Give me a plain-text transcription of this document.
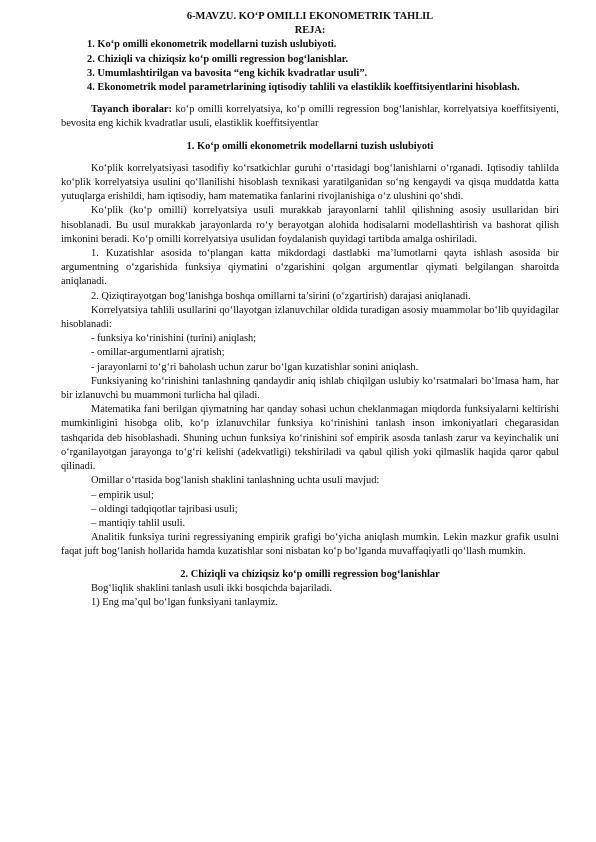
6-MAVZU. KO‘P OMILLI EKONOMETRIK TAHLIL
REJA:
1. Ko‘p omilli ekonometrik modellarni tuzish uslubiyoti.
2. Chiziqli va chiziqsiz ko‘p omilli regression bog‘lanishlar.
3. Umumlashtirilgan va bavosita “eng kichik kvadratlar usuli”.
4. Ekonometrik model parametrlarining iqtisodiy tahlili va elastiklik koeffitsiyentlarini hisoblash.
Tayanch iboralar: ko‘p omilli korrelyatsiya, ko‘p omilli regression bog‘lanishlar, korrelyatsiya koeffitsiyenti, bevosita eng kichik kvadratlar usuli, elastiklik koeffitsiyentlar
1. Ko‘p omilli ekonometrik modellarni tuzish uslubiyoti
Ko‘plik korrelyatsiyasi tasodifiy ko‘rsatkichlar guruhi o‘rtasidagi bog‘lanishlarni o‘rganadi. Iqtisodiy tahlilda ko‘plik korrelyatsiya usulini qo‘llanilishi hisoblash texnikasi yaratilganidan so‘ng kengaydi va qisqa muddatda katta yutuqlarga erishildi, ham iqtisodiy, ham matematika fanlarini rivojlanishiga o‘z ulushini qo‘shdi.
Ko‘plik (ko‘p omilli) korrelyatsiya usuli murakkab jarayonlarni tahlil qilishning asosiy usullaridan biri hisoblanadi. Bu usul murakkab jarayonlarda ro‘y berayotgan alohida hodisalarni modellashtirish va bashorat qilish imkonini beradi. Ko‘p omilli korrelyatsiya usulidan foydalanish quyidagi tartibda amalga oshiriladi.
1. Kuzatishlar asosida to‘plangan katta mikdordagi dastlabki ma’lumotlarni qayta ishlash asosida bir argumentning o‘zgarishida funksiya qiymatini o‘zgarishini qolgan argumentlar qiymati belgilangan sharoitda aniqlanadi.
2. Qiziqtirayotgan bog‘lanishga boshqa omillarni ta’sirini (o‘zgartirish) darajasi aniqlanadi.
Korrelyatsiya tahlili usullarini qo‘llayotgan izlanuvchilar oldida turadigan asosiy muammolar bo‘lib quyidagilar hisoblanadi:
- funksiya ko‘rinishini (turini) aniqlash;
- omillar-argumentlarni ajratish;
- jarayonlarni to‘g‘ri baholash uchun zarur bo‘lgan kuzatishlar sonini aniqlash.
Funksiyaning ko‘rinishini tanlashning qandaydir aniq ishlab chiqilgan uslubiy ko‘rsatmalari bo‘lmasa ham, har bir izlanuvchi bu muammoni turlicha hal qiladi.
Matematika fani berilgan qiymatning har qanday sohasi uchun cheklanmagan miqdorda funksiyalarni keltirishi mumkinligini hisobga olib, ko‘p izlanuvchilar funksiya ko‘rinishini tanlash inson imkoniyatlari chegarasidan tashqarida deb hisoblashadi. Shuning uchun funksiya ko‘rinishini sof empirik asosda tanlash zarur va keyinchalik uni o‘rganilayotgan jarayonga to‘g‘ri kelishi (adekvatligi) tekshiriladi va qabul qilish yoki qilmaslik haqida qaror qabul qilinadi.
Omillar o‘rtasida bog‘lanish shaklini tanlashning uchta usuli mavjud:
– empirik usul;
– oldingi tadqiqotlar tajribasi usuli;
– mantiqiy tahlil usuli.
Analitik funksiya turini regressiyaning empirik grafigi bo‘yicha aniqlash mumkin. Lekin mazkur grafik usulni faqat juft bog‘lanish hollarida hamda kuzatishlar soni nisbatan ko‘p bo‘lganda muvaffaqiyatli qo‘llash mumkin.
2. Chiziqli va chiziqsiz ko‘p omilli regression bog‘lanishlar
Bog‘liqlik shaklini tanlash usuli ikki bosqichda bajariladi.
1) Eng ma’qul bo‘lgan funksiyani tanlaymiz.
